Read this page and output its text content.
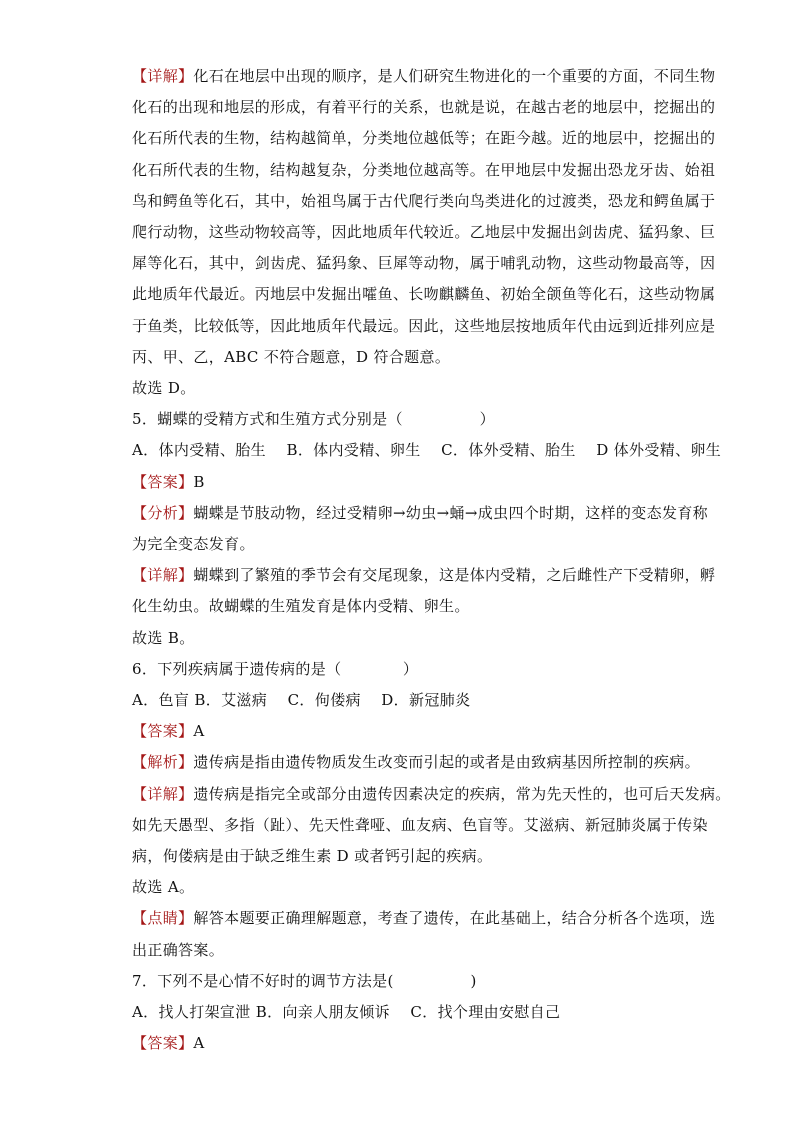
【详解】化石在地层中出现的顺序，是人们研究生物进化的一个重要的方面，不同生物
化石的出现和地层的形成，有着平行的关系，也就是说，在越古老的地层中，挖掘出的
化石所代表的生物，结构越简单，分类地位越低等；在距今越。近的地层中，挖掘出的
化石所代表的生物，结构越复杂，分类地位越高等。在甲地层中发掘出恐龙牙齿、始祖
鸟和鳄鱼等化石，其中，始祖鸟属于古代爬行类向鸟类进化的过渡类，恐龙和鳄鱼属于
爬行动物，这些动物较高等，因此地质年代较近。乙地层中发掘出剑齿虎、猛犸象、巨
犀等化石，其中，剑齿虎、猛犸象、巨犀等动物，属于哺乳动物，这些动物最高等，因
此地质年代最近。丙地层中发掘出嚯鱼、长吻麒麟鱼、初始全颌鱼等化石，这些动物属
于鱼类，比较低等，因此地质年代最远。因此，这些地层按地质年代由远到近排列应是
丙、甲、乙，ABC 不符合题意，D 符合题意。
故选 D。
5．蝴蝶的受精方式和生殖方式分别是（　　　　　）
A．体内受精、胎生　 B．体内受精、卵生　 C．体外受精、胎生　 D 体外受精、卵生
【答案】B
【分析】蝴蝶是节肢动物，经过受精卵→幼虫→蛹→成虫四个时期，这样的变态发育称
为完全变态发育。
【详解】蝴蝶到了繁殖的季节会有交尾现象，这是体内受精，之后雌性产下受精卵，孵
化生幼虫。故蝴蝶的生殖发育是体内受精、卵生。
故选 B。
6．下列疾病属于遗传病的是（　　　　）
A．色盲 B．艾滋病　 C．佝偻病　 D．新冠肺炎
【答案】A
【解析】遗传病是指由遗传物质发生改变而引起的或者是由致病基因所控制的疾病。
【详解】遗传病是指完全或部分由遗传因素决定的疾病，常为先天性的，也可后天发病。
如先天愚型、多指（趾）、先天性聋哑、血友病、色盲等。艾滋病、新冠肺炎属于传染
病，佝偻病是由于缺乏维生素 D 或者钙引起的疾病。
故选 A。
【点睛】解答本题要正确理解题意，考查了遗传，在此基础上，结合分析各个选项，选
出正确答案。
7．下列不是心情不好时的调节方法是(　　　　　)
A．找人打架宣泄 B．向亲人朋友倾诉　 C．找个理由安慰自己
【答案】A
